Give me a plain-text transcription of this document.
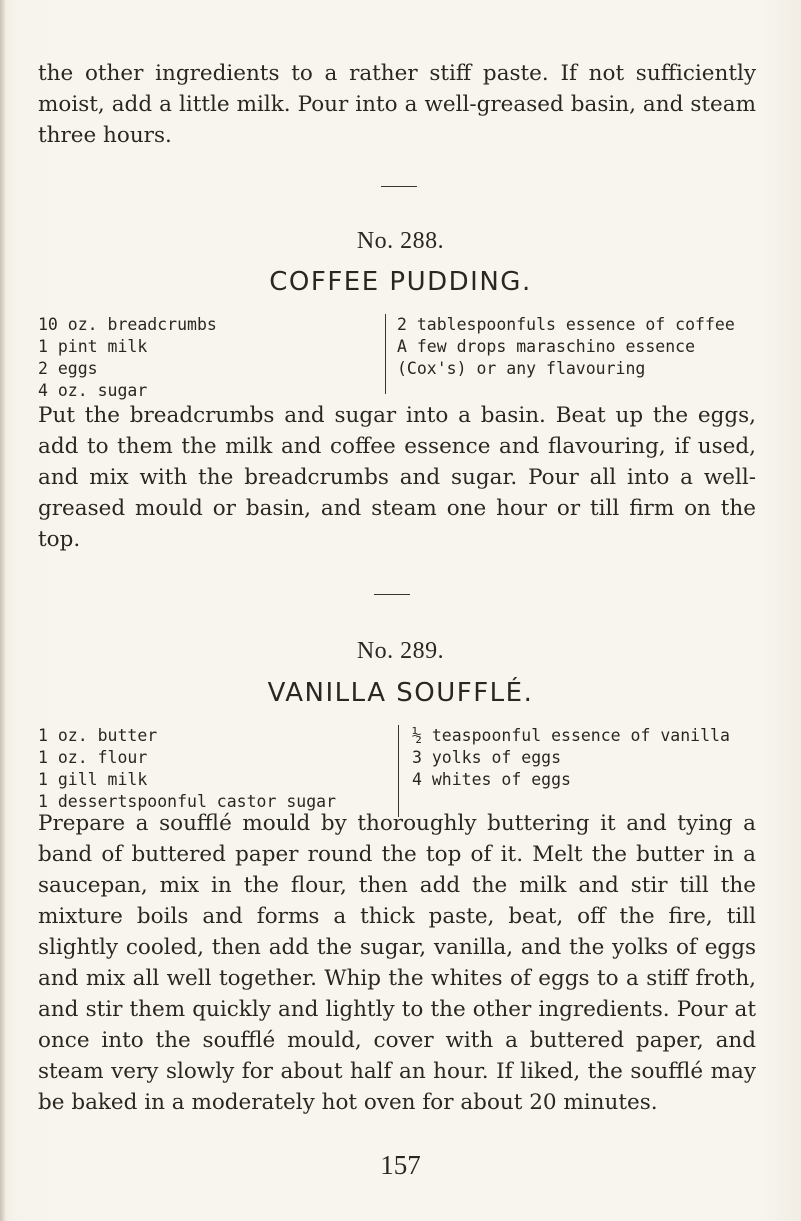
the other ingredients to a rather stiff paste. If not sufficiently moist, add a little milk. Pour into a well-greased basin, and steam three hours.

No. 288.
COFFEE PUDDING.
10 oz. breadcrumbs
1 pint milk
2 eggs
4 oz. sugar
2 tablespoonfuls essence of coffee
A few drops maraschino essence (Cox's) or any flavouring

Put the breadcrumbs and sugar into a basin. Beat up the eggs, add to them the milk and coffee essence and flavouring, if used, and mix with the breadcrumbs and sugar. Pour all into a well-greased mould or basin, and steam one hour or till firm on the top.

No. 289.
VANILLA SOUFFLÉ.
1 oz. butter
1 oz. flour
1 gill milk
1 dessertspoonful castor sugar
½ teaspoonful essence of vanilla
3 yolks of eggs
4 whites of eggs

Prepare a soufflé mould by thoroughly buttering it and tying a band of buttered paper round the top of it. Melt the butter in a saucepan, mix in the flour, then add the milk and stir till the mixture boils and forms a thick paste, beat, off the fire, till slightly cooled, then add the sugar, vanilla, and the yolks of eggs and mix all well together. Whip the whites of eggs to a stiff froth, and stir them quickly and lightly to the other ingredients. Pour at once into the soufflé mould, cover with a buttered paper, and steam very slowly for about half an hour. If liked, the soufflé may be baked in a moderately hot oven for about 20 minutes.

157
